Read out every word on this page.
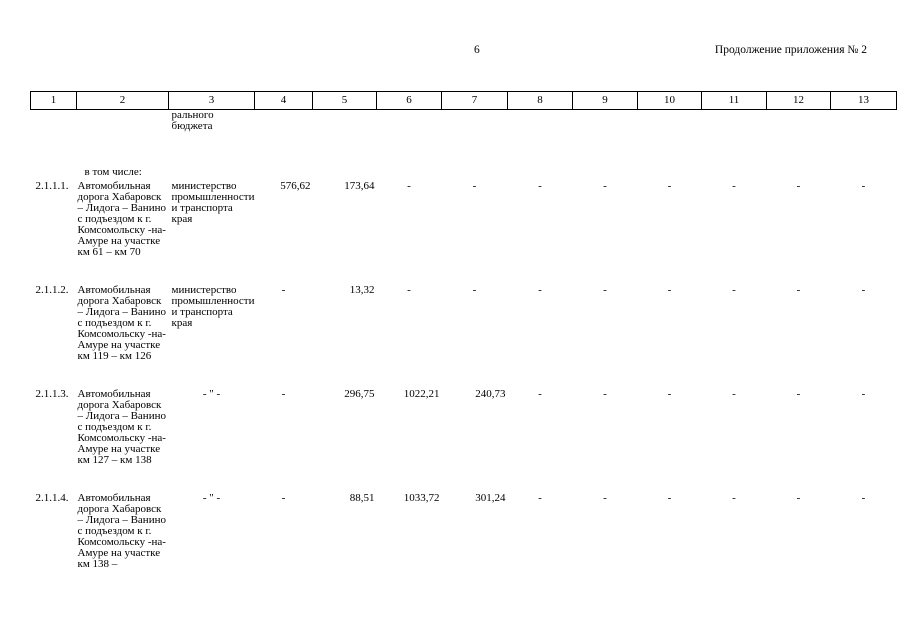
6	Продолжение приложения № 2
1	2	3	4	5	6	7	8	9	10	11	12	13
		рального бюджета										
в том числе:												
2.1.1.1.	Автомобильная дорога Хабаровск – Лидога – Ванино с подъездом к г. Комсомольску -на-Амуре на участке км 61 – км 70	министерство промышленности и транспорта края	576,62	173,64	-	-	-	-	-	-	-	-
2.1.1.2.	Автомобильная дорога Хабаровск – Лидога – Ванино с подъездом к г. Комсомольску -на-Амуре на участке км 119 – км 126	министерство промышленности и транспорта края	-	13,32	-	-	-	-	-	-	-	-
2.1.1.3.	Автомобильная дорога Хабаровск – Лидога – Ванино с подъездом к г. Комсомольску -на-Амуре на участке км 127 – км 138	- " -	-	296,75	1022,21	240,73	-	-	-	-	-	-
2.1.1.4.	Автомобильная дорога Хабаровск – Лидога – Ванино с подъездом к г. Комсомольску -на-Амуре на участке км 138 –	- " -	-	88,51	1033,72	301,24	-	-	-	-	-	-
